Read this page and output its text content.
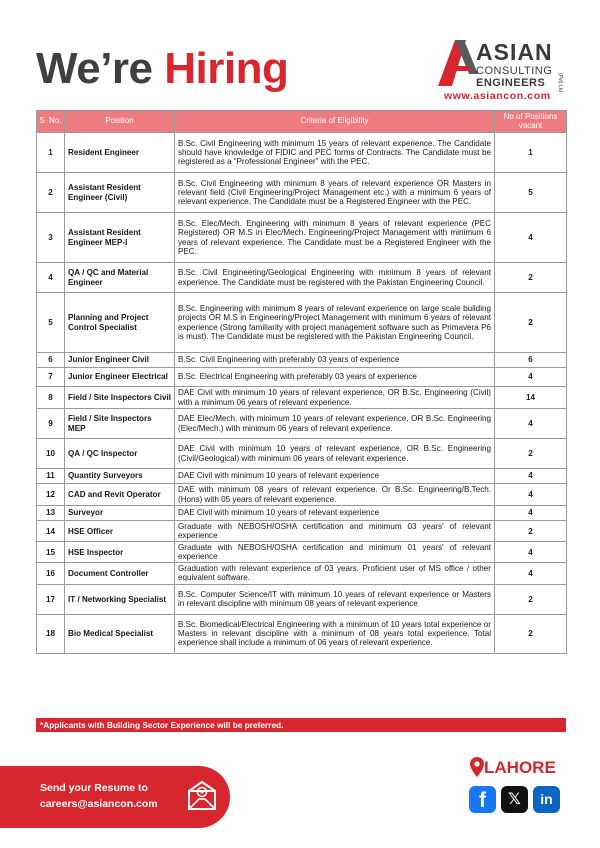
We’re Hiring	ASIAN
CONSULTING
ENGINEERS (Pvt) Ltd
www.asiancon.com
S. No.	Position	Criteria of Eligibility	No of Positions vacant
1	Resident Engineer	B.Sc. Civil Engineering with minimum 15 years of relevant experience. The Candidate should have knowledge of FIDIC and PEC forms of Contracts. The Candidate must be registered as a “Professional Engineer” with the PEC.	1
2	Assistant Resident Engineer (Civil)	B.Sc. Civil Engineering with minimum 8 years of relevant experience OR Masters in relevant field (Civil Engineering/Project Management etc.) with a minimum 6 years of relevant experience. The Candidate must be a Registered Engineer with the PEC.	5
3	Assistant Resident Engineer MEP-I	B.Sc. Elec/Mech. Engineering with minimum 8 years of relevant experience (PEC Registered) OR M.S in Elec/Mech. Engineering/Project Management with minimum 6 years of relevant experience. The Candidate must be a Registered Engineer with the PEC.	4
4	QA / QC and Material Engineer	B.Sc. Civil Engineering/Geological Engineering with minimum 8 years of relevant experience. The Candidate must be registered with the Pakistan Engineering Council.	2
5	Planning and Project Control Specialist	B.Sc. Engineering with minimum 8 years of relevant experience on large scale building projects OR M.S in Engineering/Project Management with minimum 6 years of relevant experience (Strong familiarity with project management software such as Primavera P6 is must). The Candidate must be registered with the Pakistan Engineering Council.	2
6	Junior Engineer Civil	B.Sc. Civil Engineering with preferably 03 years of experience	6
7	Junior Engineer Electrical	B.Sc. Electrical Engineering with preferably 03 years of experience	4
8	Field / Site Inspectors Civil	DAE Civil with minimum 10 years of relevant experience, OR B.Sc. Engineering (Civil) with a minimum 06 years of relevant experience.	14
9	Field / Site Inspectors MEP	DAE Elec/Mech. with minimum 10 years of relevant experience, OR B.Sc. Engineering (Elec/Mech.) with minimum 06 years of relevant experience.	4
10	QA / QC Inspector	DAE Civil with minimum 10 years of relevant experience, OR B.Sc. Engineering (Civil/Geological) with minimum 06 years of relevant experience.	2
11	Quantity Surveyors	DAE Civil with minimum 10 years of relevant experience	4
12	CAD and Revit Operator	DAE with minimum 08 years of relevant experience. Or B.Sc. Engineering/B.Tech. (Hons) with 05 years of relevant experience.	4
13	Surveyor	DAE Civil with minimum 10 years of relevant experience	4
14	HSE Officer	Graduate with NEBOSH/OSHA certification and minimum 03 years' of relevant experience	2
15	HSE Inspector	Graduate with NEBOSH/OSHA certification and minimum 01 years' of relevant experience	4
16	Document Controller	Graduation with relevant experience of 03 years. Proficient user of MS office / other equivalent software.	4
17	IT / Networking Specialist	B.Sc. Computer Science/IT with minimum 10 years of relevant experience or Masters in relevant discipline with minimum 08 years of relevant experience	2
18	Bio Medical Specialist	B.Sc. Biomedical/Electrical Engineering with a minimum of 10 years total experience or Masters in relevant discipline with a minimum of 08 years total experience. Total experience shall include a minimum of 06 years of relevant experience.	2
*Applicants with Building Sector Experience will be preferred.
Send your Resume to
careers@asiancon.com
LAHORE
f	𝕏	in
